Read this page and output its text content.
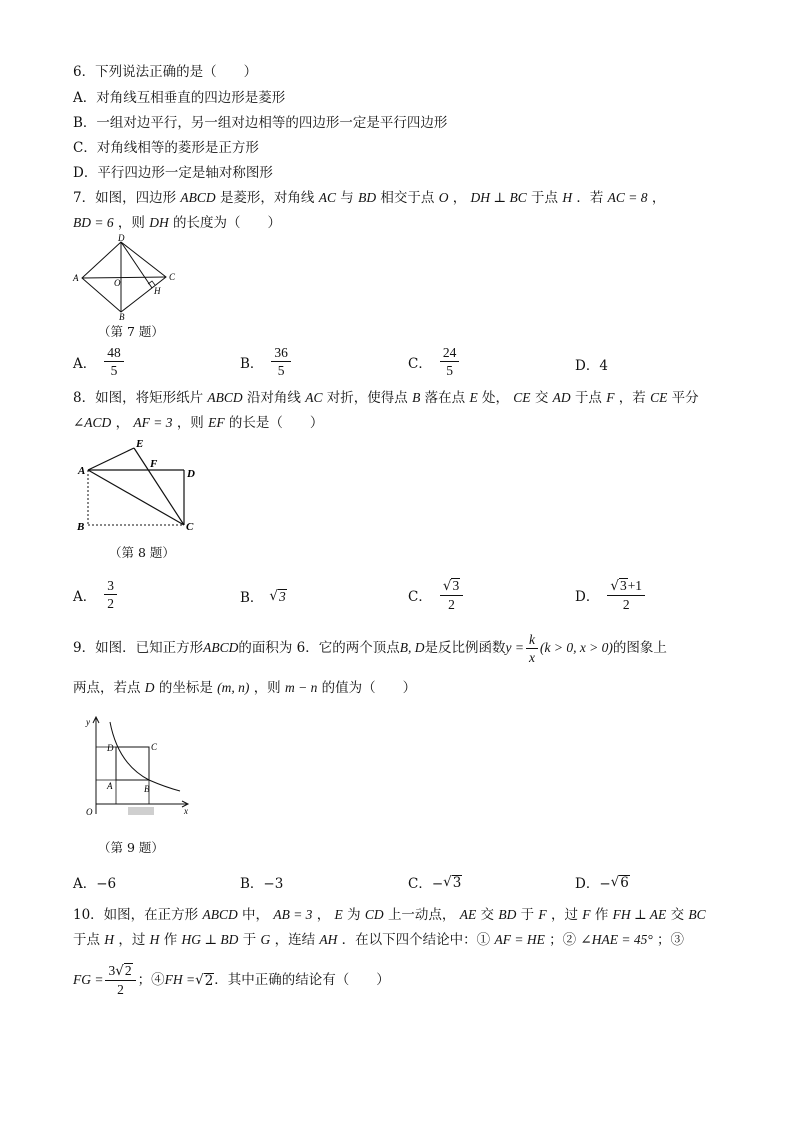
6．下列说法正确的是（　　）
A．对角线互相垂直的四边形是菱形
B．一组对边平行，另一组对边相等的四边形一定是平行四边形
C．对角线相等的菱形是正方形
D．平行四边形一定是轴对称图形
7．如图，四边形 ABCD 是菱形，对角线 AC 与 BD 相交于点 O ， DH ⊥ BC 于点 H ．若 AC = 8 ，
BD = 6 ，则 DH 的长度为（　　）
D
A	O
C
H
B
（第 7 题）
A． $\frac{48}{5}$	B． $\frac{36}{5}$	C． $\frac{24}{5}$	D．4
8．如图，将矩形纸片 ABCD 沿对角线 AC 对折，使得点 B 落在点 E 处， CE 交 AD 于点 F ，若 CE 平分
∠ACD ， AF = 3 ，则 EF 的长是（　　）
E
F
A	D
B	C
（第 8 题）
A． $\frac{3}{2}$	B． √ 3	C． $\frac{√3}{2}$	D． $\frac{√3+1}{2}$
9．如图．已知正方形 ABCD 的面积为 6．它的两个顶点 B, D 是反比例函数 $y = \frac{k}{x} (k > 0$, x > 0) 的图象上
两点，若点 D 的坐标是 (m, n) ，则 m − n 的值为（　　）
y
D	C
A	B
O	x
（第 9 题）
A．−6	B．−3	C．− √ 3	D．− √ 6
10．如图，在正方形 ABCD 中， AB = 3 ， E 为 CD 上一动点， AE 交 BD 于 F ，过 F 作 FH ⊥ AE 交 BC
于点 H ，过 H 作 HG ⊥ BD 于 G ，连结 AH ．在以下四个结论中：① AF = HE ；② ∠HAE = 45° ；③
FG = $\frac{3√2}{2}$ ；④ FH = √ 2 ．其中正确的结论有（　　）
